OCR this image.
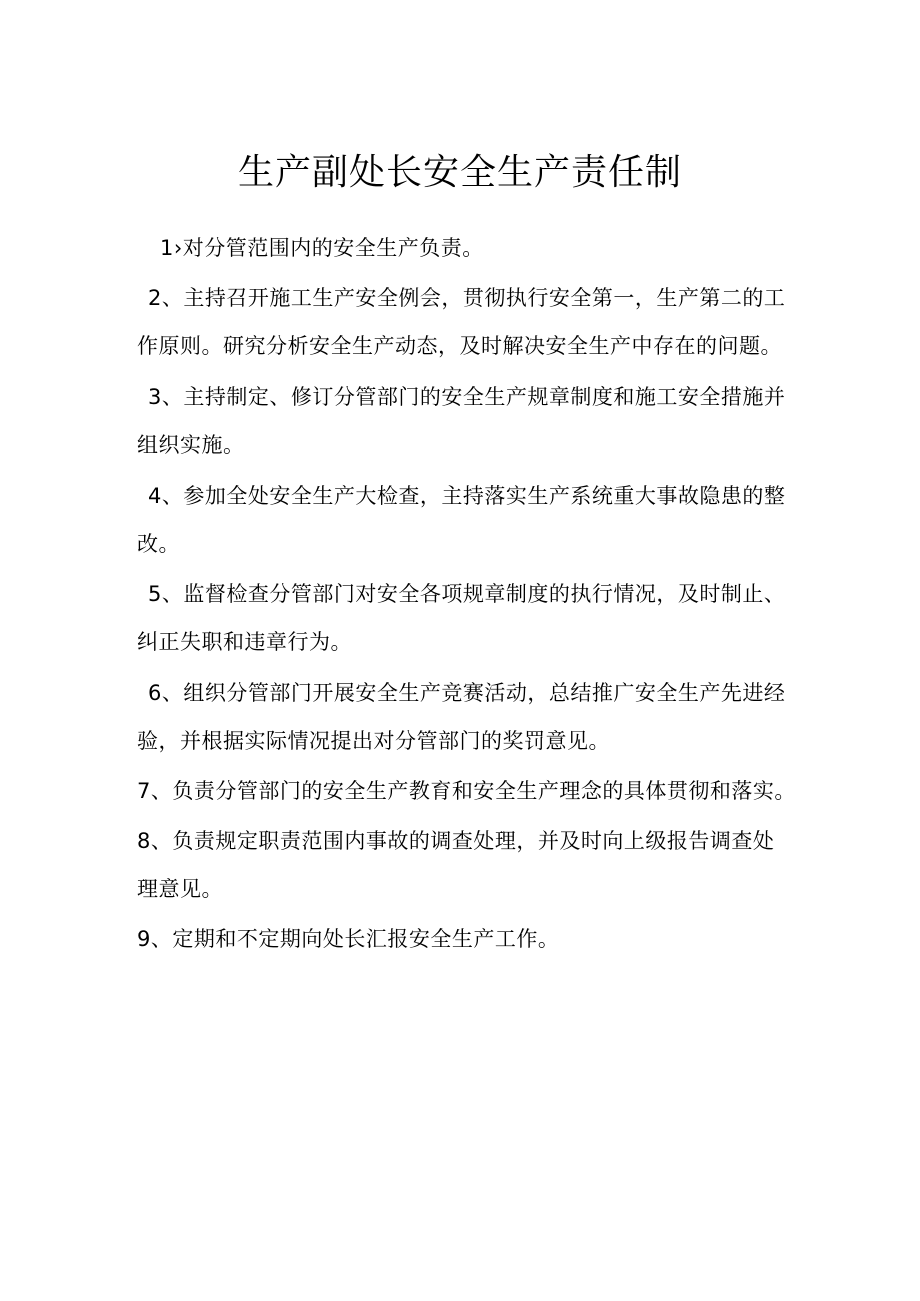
生产副处长安全生产责任制

1›对分管范围内的安全生产负责。

2、主持召开施工生产安全例会，贯彻执行安全第一，生产第二的工

作原则。研究分析安全生产动态，及时解决安全生产中存在的问题。

3、主持制定、修订分管部门的安全生产规章制度和施工安全措施并

组织实施。

4、参加全处安全生产大检查，主持落实生产系统重大事故隐患的整

改。

5、监督检查分管部门对安全各项规章制度的执行情况，及时制止、

纠正失职和违章行为。

6、组织分管部门开展安全生产竞赛活动，总结推广安全生产先进经

验，并根据实际情况提出对分管部门的奖罚意见。

7、负责分管部门的安全生产教育和安全生产理念的具体贯彻和落实。

8、负责规定职责范围内事故的调查处理，并及时向上级报告调查处

理意见。

9、定期和不定期向处长汇报安全生产工作。
